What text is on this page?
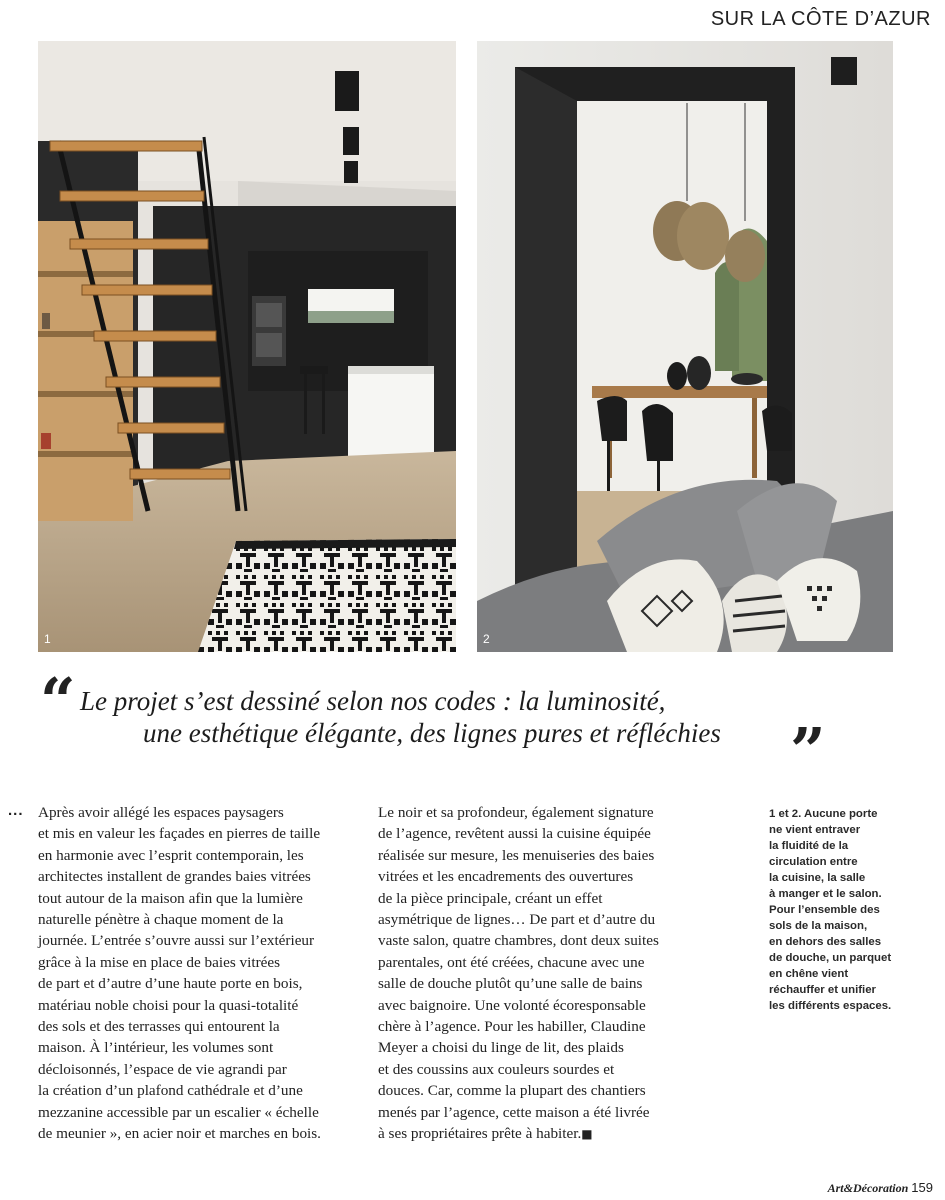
SUR LA CÔTE D’AZUR
1	2
“ Le projet s’est dessiné selon nos codes : la luminosité,
une esthétique élégante, des lignes pures et réfléchies ”
... Après avoir allégé les espaces paysagers
et mis en valeur les façades en pierres de taille
en harmonie avec l’esprit contemporain, les
architectes installent de grandes baies vitrées
tout autour de la maison afin que la lumière
naturelle pénètre à chaque moment de la
journée. L’entrée s’ouvre aussi sur l’extérieur
grâce à la mise en place de baies vitrées
de part et d’autre d’une haute porte en bois,
matériau noble choisi pour la quasi-totalité
des sols et des terrasses qui entourent la
maison. À l’intérieur, les volumes sont
décloisonnés, l’espace de vie agrandi par
la création d’un plafond cathédrale et d’une
mezzanine accessible par un escalier « échelle
de meunier », en acier noir et marches en bois.
Le noir et sa profondeur, également signature
de l’agence, revêtent aussi la cuisine équipée
réalisée sur mesure, les menuiseries des baies
vitrées et les encadrements des ouvertures
de la pièce principale, créant un effet
asymétrique de lignes… De part et d’autre du
vaste salon, quatre chambres, dont deux suites
parentales, ont été créées, chacune avec une
salle de douche plutôt qu’une salle de bains
avec baignoire. Une volonté écoresponsable
chère à l’agence. Pour les habiller, Claudine
Meyer a choisi du linge de lit, des plaids
et des coussins aux couleurs sourdes et
douces. Car, comme la plupart des chantiers
menés par l’agence, cette maison a été livrée
à ses propriétaires prête à habiter.■
1 et 2. Aucune porte
ne vient entraver
la fluidité de la
circulation entre
la cuisine, la salle
à manger et le salon.
Pour l’ensemble des
sols de la maison,
en dehors des salles
de douche, un parquet
en chêne vient
réchauffer et unifier
les différents espaces.
Art&Décoration 159
